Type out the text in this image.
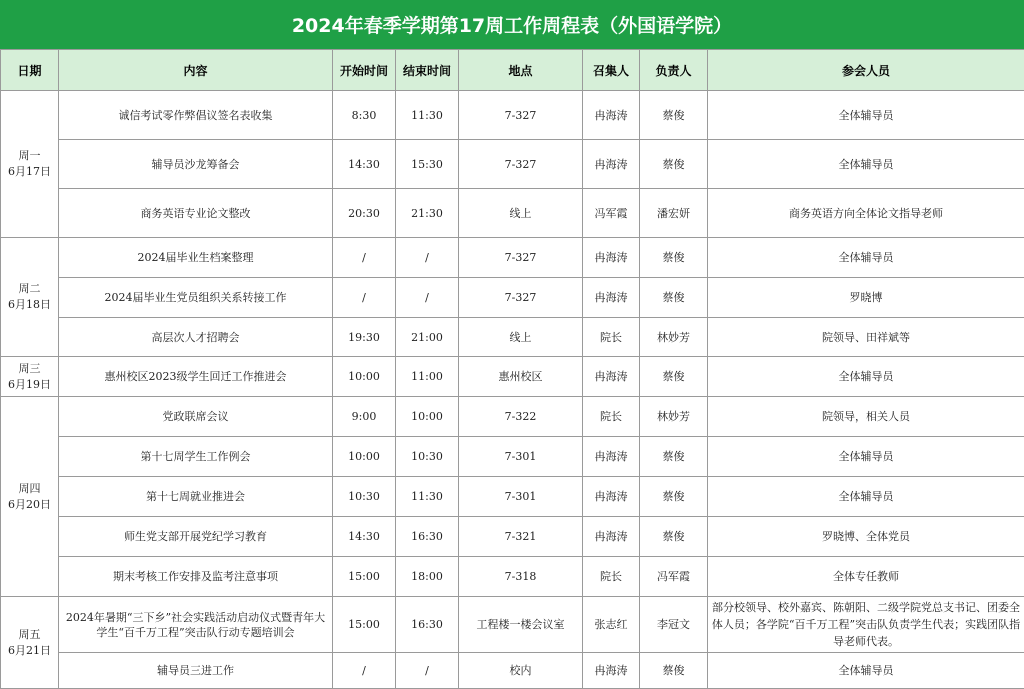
2024年春季学期第17周工作周程表（外国语学院）
日期	内容	开始时间	结束时间	地点	召集人	负责人	参会人员

周一
6月17日	诚信考试零作弊倡议签名表收集	8:30	11:30	7-327	冉海涛	蔡俊	全体辅导员
	辅导员沙龙筹备会	14:30	15:30	7-327	冉海涛	蔡俊	全体辅导员
	商务英语专业论文整改	20:30	21:30	线上	冯军霞	潘宏妍	商务英语方向全体论文指导老师

周二
6月18日	2024届毕业生档案整理	/	/	7-327	冉海涛	蔡俊	全体辅导员
	2024届毕业生党员组织关系转接工作	/	/	7-327	冉海涛	蔡俊	罗晓博
	高层次人才招聘会	19:30	21:00	线上	院长	林妙芳	院领导、田祥斌等

周三
6月19日	惠州校区2023级学生回迁工作推进会	10:00	11:00	惠州校区	冉海涛	蔡俊	全体辅导员

周四
6月20日	党政联席会议	9:00	10:00	7-322	院长	林妙芳	院领导，相关人员
	第十七周学生工作例会	10:00	10:30	7-301	冉海涛	蔡俊	全体辅导员
	第十七周就业推进会	10:30	11:30	7-301	冉海涛	蔡俊	全体辅导员
	师生党支部开展党纪学习教育	14:30	16:30	7-321	冉海涛	蔡俊	罗晓博、全体党员
	期末考核工作安排及监考注意事项	15:00	18:00	7-318	院长	冯军霞	全体专任教师

周五
6月21日	2024年暑期“三下乡”社会实践活动启动仪式暨青年大学生“百千万工程”突击队行动专题培训会	15:00	16:30	工程楼一楼会议室	张志红	李冠文	部分校领导、校外嘉宾、陈朝阳、二级学院党总支书记、团委全体人员；各学院“百千万工程”突击队负责学生代表；实践团队指导老师代表。
	辅导员三进工作	/	/	校内	冉海涛	蔡俊	全体辅导员
